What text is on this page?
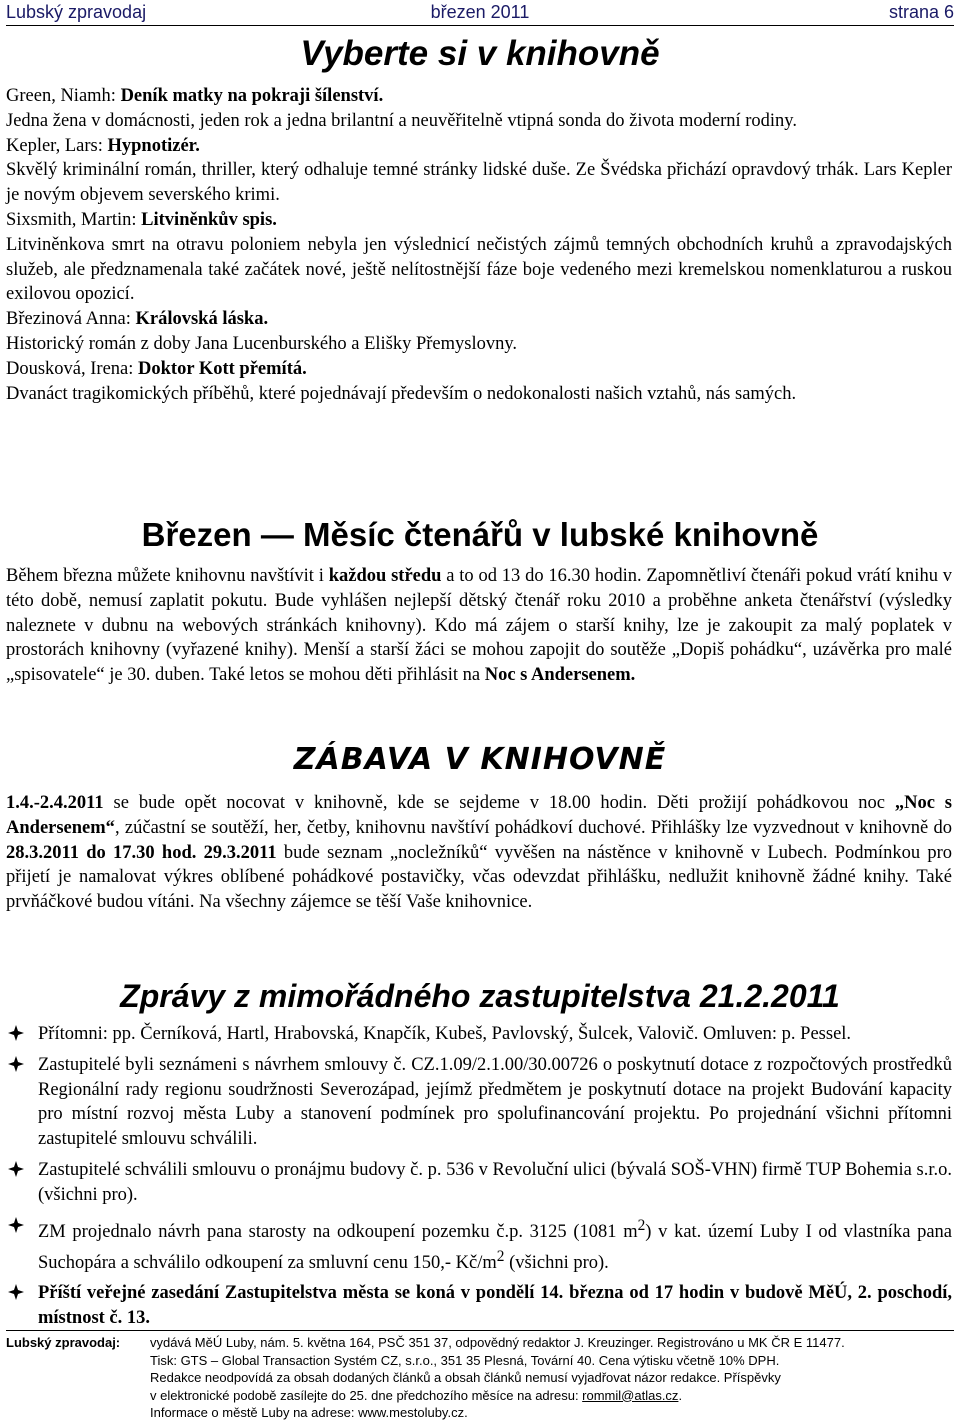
Lubský zpravodaj	březen 2011	strana 6
Vyberte si v knihovně

Green, Niamh: Deník matky na pokraji šílenství.

Jedna žena v domácnosti, jeden rok a jedna brilantní a neuvěřitelně vtipná sonda do života moderní rodiny.

Kepler, Lars: Hypnotizér.

Skvělý kriminální román, thriller, který odhaluje temné stránky lidské duše. Ze Švédska přichází opravdový trhák. Lars Kepler je novým objevem severského krimi.

Sixsmith, Martin: Litviněnkův spis.

Litviněnkova smrt na otravu poloniem nebyla jen výslednicí nečistých zájmů temných obchodních kruhů a zpravodajských služeb, ale předznamenala také začátek nové, ještě nelítostnější fáze boje vedeného mezi kremelskou nomenklaturou a ruskou exilovou opozicí.

Březinová Anna: Královská láska.

Historický román z doby Jana Lucenburského a Elišky Přemyslovny.

Dousková, Irena: Doktor Kott přemítá.

Dvanáct tragikomických příběhů, které pojednávají především o nedokonalosti našich vztahů, nás samých.

Březen — Měsíc čtenářů v lubské knihovně

Během března můžete knihovnu navštívit i každou středu a to od 13 do 16.30 hodin. Zapomnětliví čtenáři pokud vrátí knihu v této době, nemusí zaplatit pokutu. Bude vyhlášen nejlepší dětský čtenář roku 2010 a proběhne anketa čtenářství (výsledky naleznete v dubnu na webových stránkách knihovny). Kdo má zájem o starší knihy, lze je zakoupit za malý poplatek v prostorách knihovny (vyřazené knihy). Menší a starší žáci se mohou zapojit do soutěže „Dopiš pohádku“, uzávěrka pro malé „spisovatele“ je 30. duben. Také letos se mohou děti přihlásit na Noc s Andersenem.

ZÁBAVA V KNIHOVNĚ

1.4.-2.4.2011 se bude opět nocovat v knihovně, kde se sejdeme v 18.00 hodin. Děti prožijí pohádkovou noc „Noc s Andersenem“, zúčastní se soutěží, her, četby, knihovnu navštíví pohádkoví duchové. Přihlášky lze vyzvednout v knihovně do 28.3.2011 do 17.30 hod. 29.3.2011 bude seznam „nocležníků“ vyvěšen na nástěnce v knihovně v Lubech. Podmínkou pro přijetí je namalovat výkres oblíbené pohádkové postavičky, včas odevzdat přihlášku, nedlužit knihovně žádné knihy. Také prvňáčkové budou vítáni. Na všechny zájemce se těší Vaše knihovnice.

Zprávy z mimořádného zastupitelstva 21.2.2011
Přítomni: pp. Černíková, Hartl, Hrabovská, Knapčík, Kubeš, Pavlovský, Šulcek, Valovič. Omluven: p. Pessel.
Zastupitelé byli seznámeni s návrhem smlouvy č. CZ.1.09/2.1.00/30.00726 o poskytnutí dotace z rozpočtových prostředků Regionální rady regionu soudržnosti Severozápad, jejímž předmětem je poskytnutí dotace na projekt Budování kapacity pro místní rozvoj města Luby a stanovení podmínek pro spolufinancování projektu. Po projednání všichni přítomni zastupitelé smlouvu schválili.
Zastupitelé schválili smlouvu o pronájmu budovy č. p. 536 v Revoluční ulici (bývalá SOŠ-VHN) firmě TUP Bohemia s.r.o. (všichni pro).
ZM projednalo návrh pana starosty na odkoupení pozemku č.p. 3125 (1081 $m^2$) v kat. území Luby I od vlastníka pana Suchopára a schválilo odkoupení za smluvní cenu 150,- $Kč/m^2$ (všichni pro).
Příští veřejné zasedání Zastupitelstva města se koná v pondělí 14. března od 17 hodin v budově MěÚ, 2. poschodí, místnost č. 13.
Lubský zpravodaj: vydává MěÚ Luby, nám. 5. května 164, PSČ 351 37, odpovědný redaktor J. Kreuzinger. Registrováno u MK ČR E 11477.
Tisk: GTS – Global Transaction Systém CZ, s.r.o., 351 35 Plesná, Tovární 40. Cena výtisku včetně 10% DPH.
Redakce neodpovídá za obsah dodaných článků a obsah článků nemusí vyjadřovat názor redakce. Příspěvky
v elektronické podobě zasílejte do 25. dne předchozího měsíce na adresu: rommil@atlas.cz.
Informace o městě Luby na adrese: www.mestoluby.cz.
